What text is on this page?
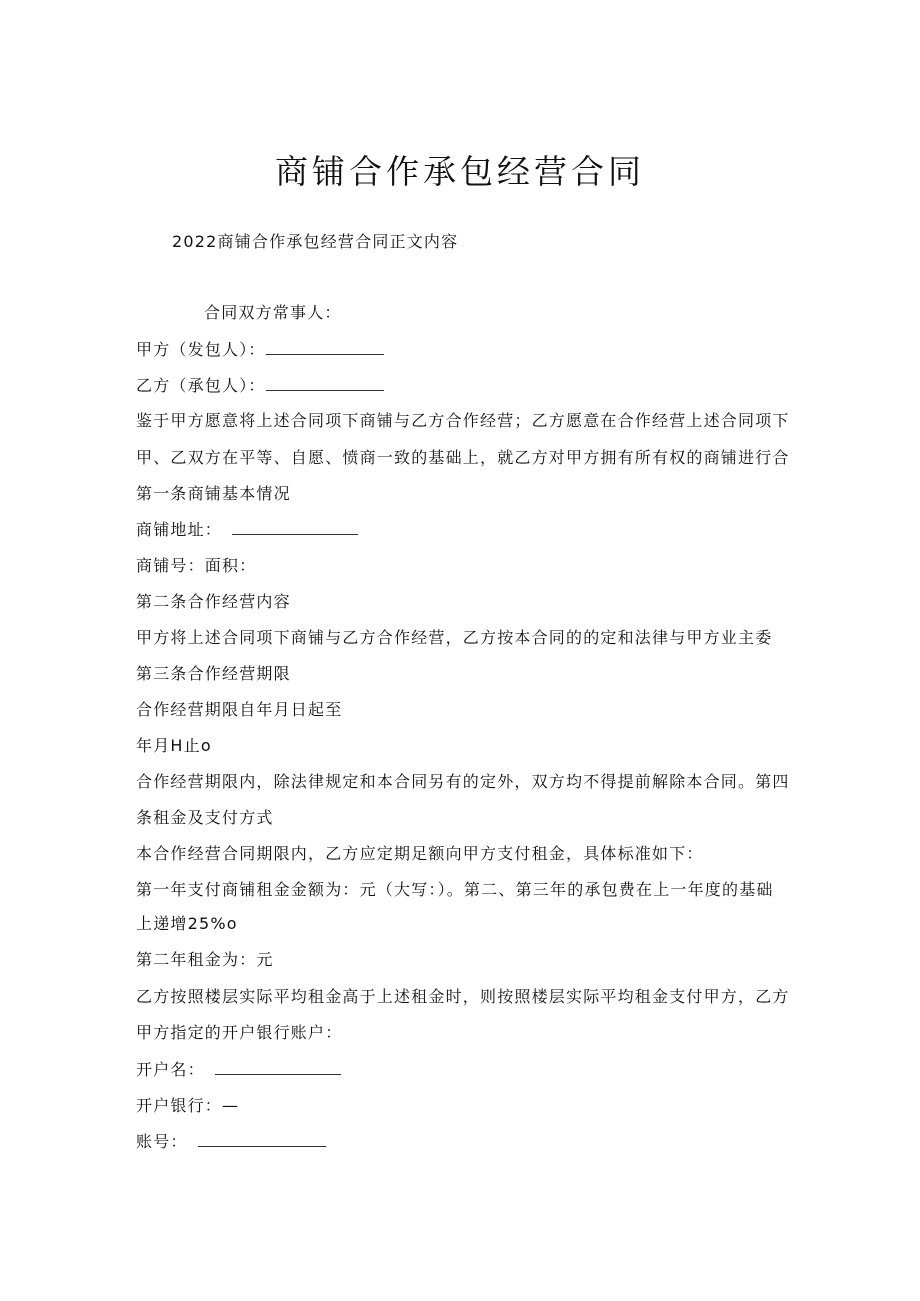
商铺合作承包经营合同
2022商铺合作承包经营合同正文内容
合同双方常事人：
甲方（发包人）：
乙方（承包人）：
鉴于甲方愿意将上述合同项下商铺与乙方合作经营；乙方愿意在合作经营上述合同项下
甲、乙双方在平等、自愿、愤商一致的基础上，就乙方对甲方拥有所有权的商铺进行合
第一条商铺基本情况
商铺地址：
商铺号：面积：
第二条合作经营内容
甲方将上述合同项下商铺与乙方合作经营，乙方按本合同的的定和法律与甲方业主委
第三条合作经营期限
合作经营期限自年月日起至
年月H止o
合作经营期限内，除法律规定和本合同另有的定外，双方均不得提前解除本合同。第四
条租金及支付方式
本合作经营合同期限内，乙方应定期足额向甲方支付租金，具体标准如下：
第一年支付商铺租金金额为：元（大写：）。第二、第三年的承包费在上一年度的基础
上递增25%o
第二年租金为：元
乙方按照楼层实际平均租金高于上述租金时，则按照楼层实际平均租金支付甲方，乙方
甲方指定的开户银行账户：
开户名：
开户银行：—
账号：
